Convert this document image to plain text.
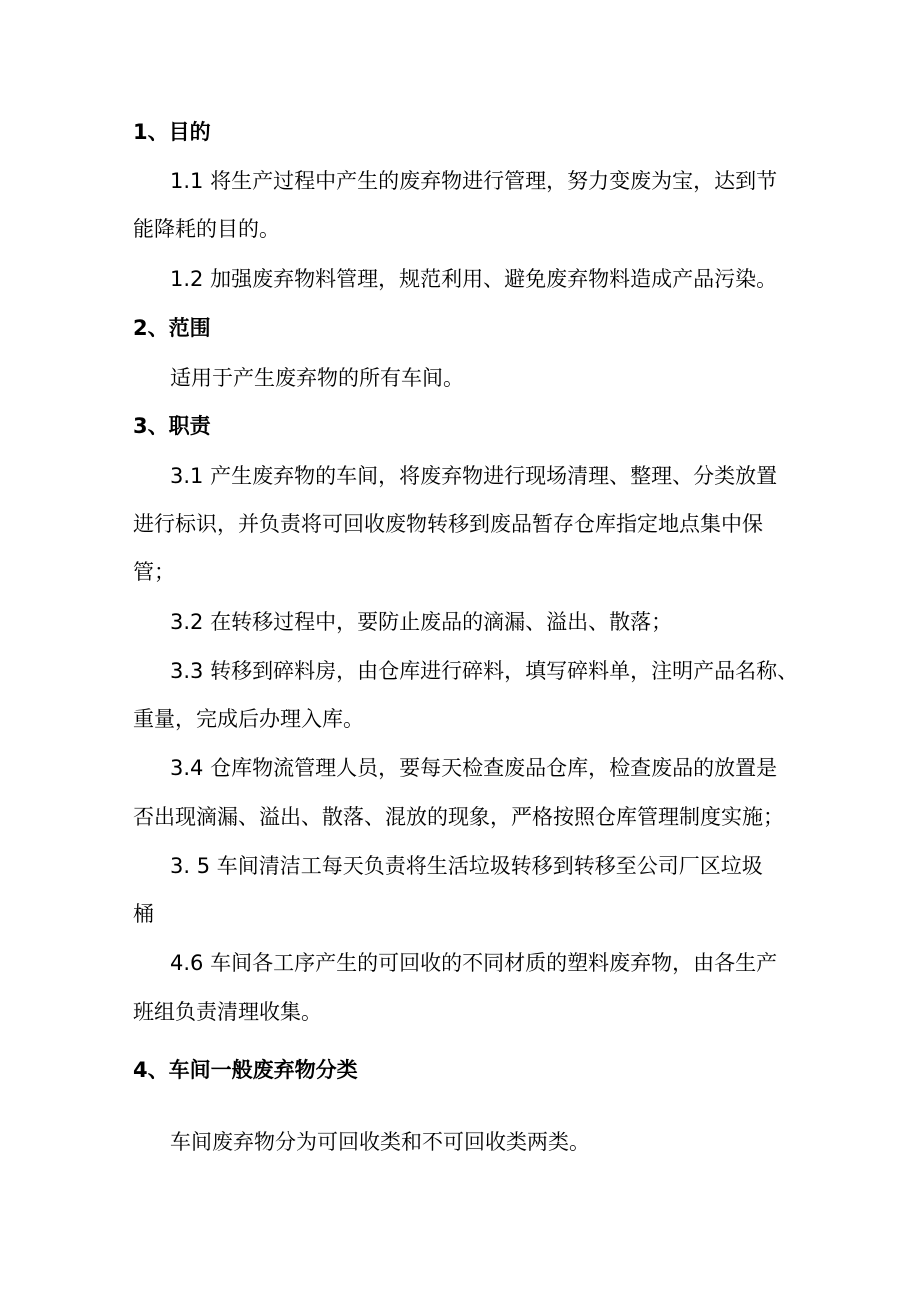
1、目的
1.1 将生产过程中产生的废弃物进行管理，努力变废为宝，达到节
能降耗的目的。
1.2 加强废弃物料管理，规范利用、避免废弃物料造成产品污染。
2、范围
适用于产生废弃物的所有车间。
3、职责
3.1 产生废弃物的车间，将废弃物进行现场清理、整理、分类放置
进行标识，并负责将可回收废物转移到废品暂存仓库指定地点集中保
管；
3.2 在转移过程中，要防止废品的滴漏、溢出、散落；
3.3 转移到碎料房，由仓库进行碎料，填写碎料单，注明产品名称、
重量，完成后办理入库。
3.4 仓库物流管理人员，要每天检查废品仓库，检查废品的放置是
否出现滴漏、溢出、散落、混放的现象，严格按照仓库管理制度实施；
3. 5 车间清洁工每天负责将生活垃圾转移到转移至公司厂区垃圾
桶
4.6 车间各工序产生的可回收的不同材质的塑料废弃物，由各生产
班组负责清理收集。
4、车间一般废弃物分类
车间废弃物分为可回收类和不可回收类两类。
